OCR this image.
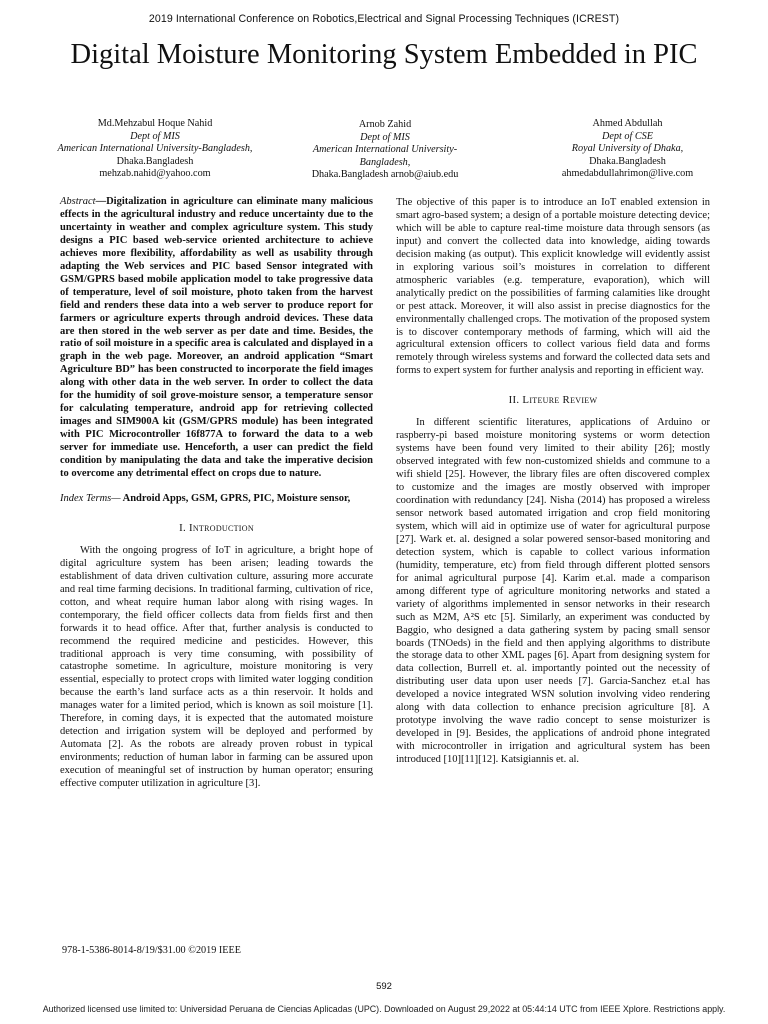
2019 International Conference on Robotics,Electrical and Signal Processing Techniques (ICREST)
Digital Moisture Monitoring System Embedded in PIC
Md.Mehzabul Hoque Nahid
Dept of MIS
American International University-Bangladesh,
Dhaka.Bangladesh
mehzab.nahid@yahoo.com
Arnob Zahid
Dept of MIS
American International University-Bangladesh,
Dhaka.Bangladesh arnob@aiub.edu
Ahmed Abdullah
Dept of CSE
Royal University of Dhaka,
Dhaka.Bangladesh
ahmedabdullahrimon@live.com

Abstract—Digitalization in agriculture can eliminate many malicious effects in the agricultural industry and reduce uncertainty due to the uncertainty in weather and complex agriculture system. This study designs a PIC based web-service oriented architecture to achieve achieves more flexibility, affordability as well as usability through adapting the Web services and PIC based Sensor integrated with GSM/GPRS based mobile application model to take progressive data of temperature, level of soil moisture, photo taken from the harvest field and renders these data into a web server to produce report for farmers or agriculture experts through android devices. These data are then stored in the web server as per date and time. Besides, the ratio of soil moisture in a specific area is calculated and displayed in a graph in the web page. Moreover, an android application “Smart Agriculture BD” has been constructed to incorporate the field images along with other data in the web server. In order to collect the data for the humidity of soil grove-moisture sensor, a temperature sensor for calculating temperature, android app for retrieving collected images and SIM900A kit (GSM/GPRS module) has been integrated with PIC Microcontroller 16f877A to forward the data to a web server for immediate use. Henceforth, a user can predict the field condition by manipulating the data and take the imperative decision to overcome any detrimental effect on crops due to nature.

Index Terms— Android Apps, GSM, GPRS, PIC, Moisture sensor,

I. Introduction

With the ongoing progress of IoT in agriculture, a bright hope of digital agriculture system has been arisen; leading towards the establishment of data driven cultivation culture, assuring more accurate and real time farming decisions. In traditional farming, cultivation of rice, cotton, and wheat require human labor along with rising wages. In contemporary, the field officer collects data from fields first and then forwards it to head office. After that, further analysis is conducted to recommend the required medicine and pesticides. However, this traditional approach is very time consuming, with possibility of catastrophe sometime. In agriculture, moisture monitoring is very essential, especially to protect crops with limited water logging condition because the earth’s land surface acts as a thin reservoir. It holds and manages water for a limited period, which is known as soil moisture [1]. Therefore, in coming days, it is expected that the automated moisture detection and irrigation system will be deployed and performed by Automata [2]. As the robots are already proven robust in typical environments; reduction of human labor in farming can be assured upon execution of meaningful set of instruction by human operator; ensuring effective computer utilization in agriculture [3].

The objective of this paper is to introduce an IoT enabled extension in smart agro-based system; a design of a portable moisture detecting device; which will be able to capture real-time moisture data through sensors (as input) and convert the collected data into knowledge, aiding towards decision making (as output). This explicit knowledge will evidently assist in exploring various soil’s moistures in correlation to different atmospheric variables (e.g. temperature, evaporation), which will analytically predict on the possibilities of farming calamities like drought or pest attack. Moreover, it will also assist in precise diagnostics for the environmentally challenged crops. The motivation of the proposed system is to discover contemporary methods of farming, which will aid the agricultural extension officers to collect various field data and forms remotely through wireless systems and forward the collected data sets and forms to expert system for further analysis and reporting in efficient way.

II. Liteure Review

In different scientific literatures, applications of Arduino or raspberry-pi based moisture monitoring systems or worm detection systems have been found very limited to their ability [26]; mostly observed integrated with few non-customized shields and commune to a wifi shield [25]. However, the library files are often discovered complex to customize and the images are mostly observed with improper coordination with redundancy [24]. Nisha (2014) has proposed a wireless sensor network based automated irrigation and crop field monitoring system, which will aid in optimize use of water for agricultural purpose [27]. Wark et. al. designed a solar powered sensor-based monitoring and detection system, which is capable to collect various information (humidity, temperature, etc) from field through different plotted sensors for animal agricultural purpose [4]. Karim et.al. made a comparison among different type of agriculture monitoring networks and stated a variety of algorithms implemented in sensor networks in their research such as M2M, A²S etc [5]. Similarly, an experiment was conducted by Baggio, who designed a data gathering system by pacing small sensor boards (TNOeds) in the field and then applying algorithms to distribute the storage data to other XML pages [6]. Apart from designing system for data collection, Burrell et. al. importantly pointed out the necessity of distributing user data upon user needs [7]. Garcia-Sanchez et.al has developed a novice integrated WSN solution involving video rendering along with data collection to enhance precision agriculture [8]. A prototype involving the wave radio concept to sense moisturizer is developed in [9]. Besides, the applications of android phone integrated with microcontroller in irrigation and agricultural system has been introduced [10][11][12]. Katsigiannis et. al.

978-1-5386-8014-8/19/$31.00 ©2019 IEEE
592
Authorized licensed use limited to: Universidad Peruana de Ciencias Aplicadas (UPC). Downloaded on August 29,2022 at 05:44:14 UTC from IEEE Xplore. Restrictions apply.
